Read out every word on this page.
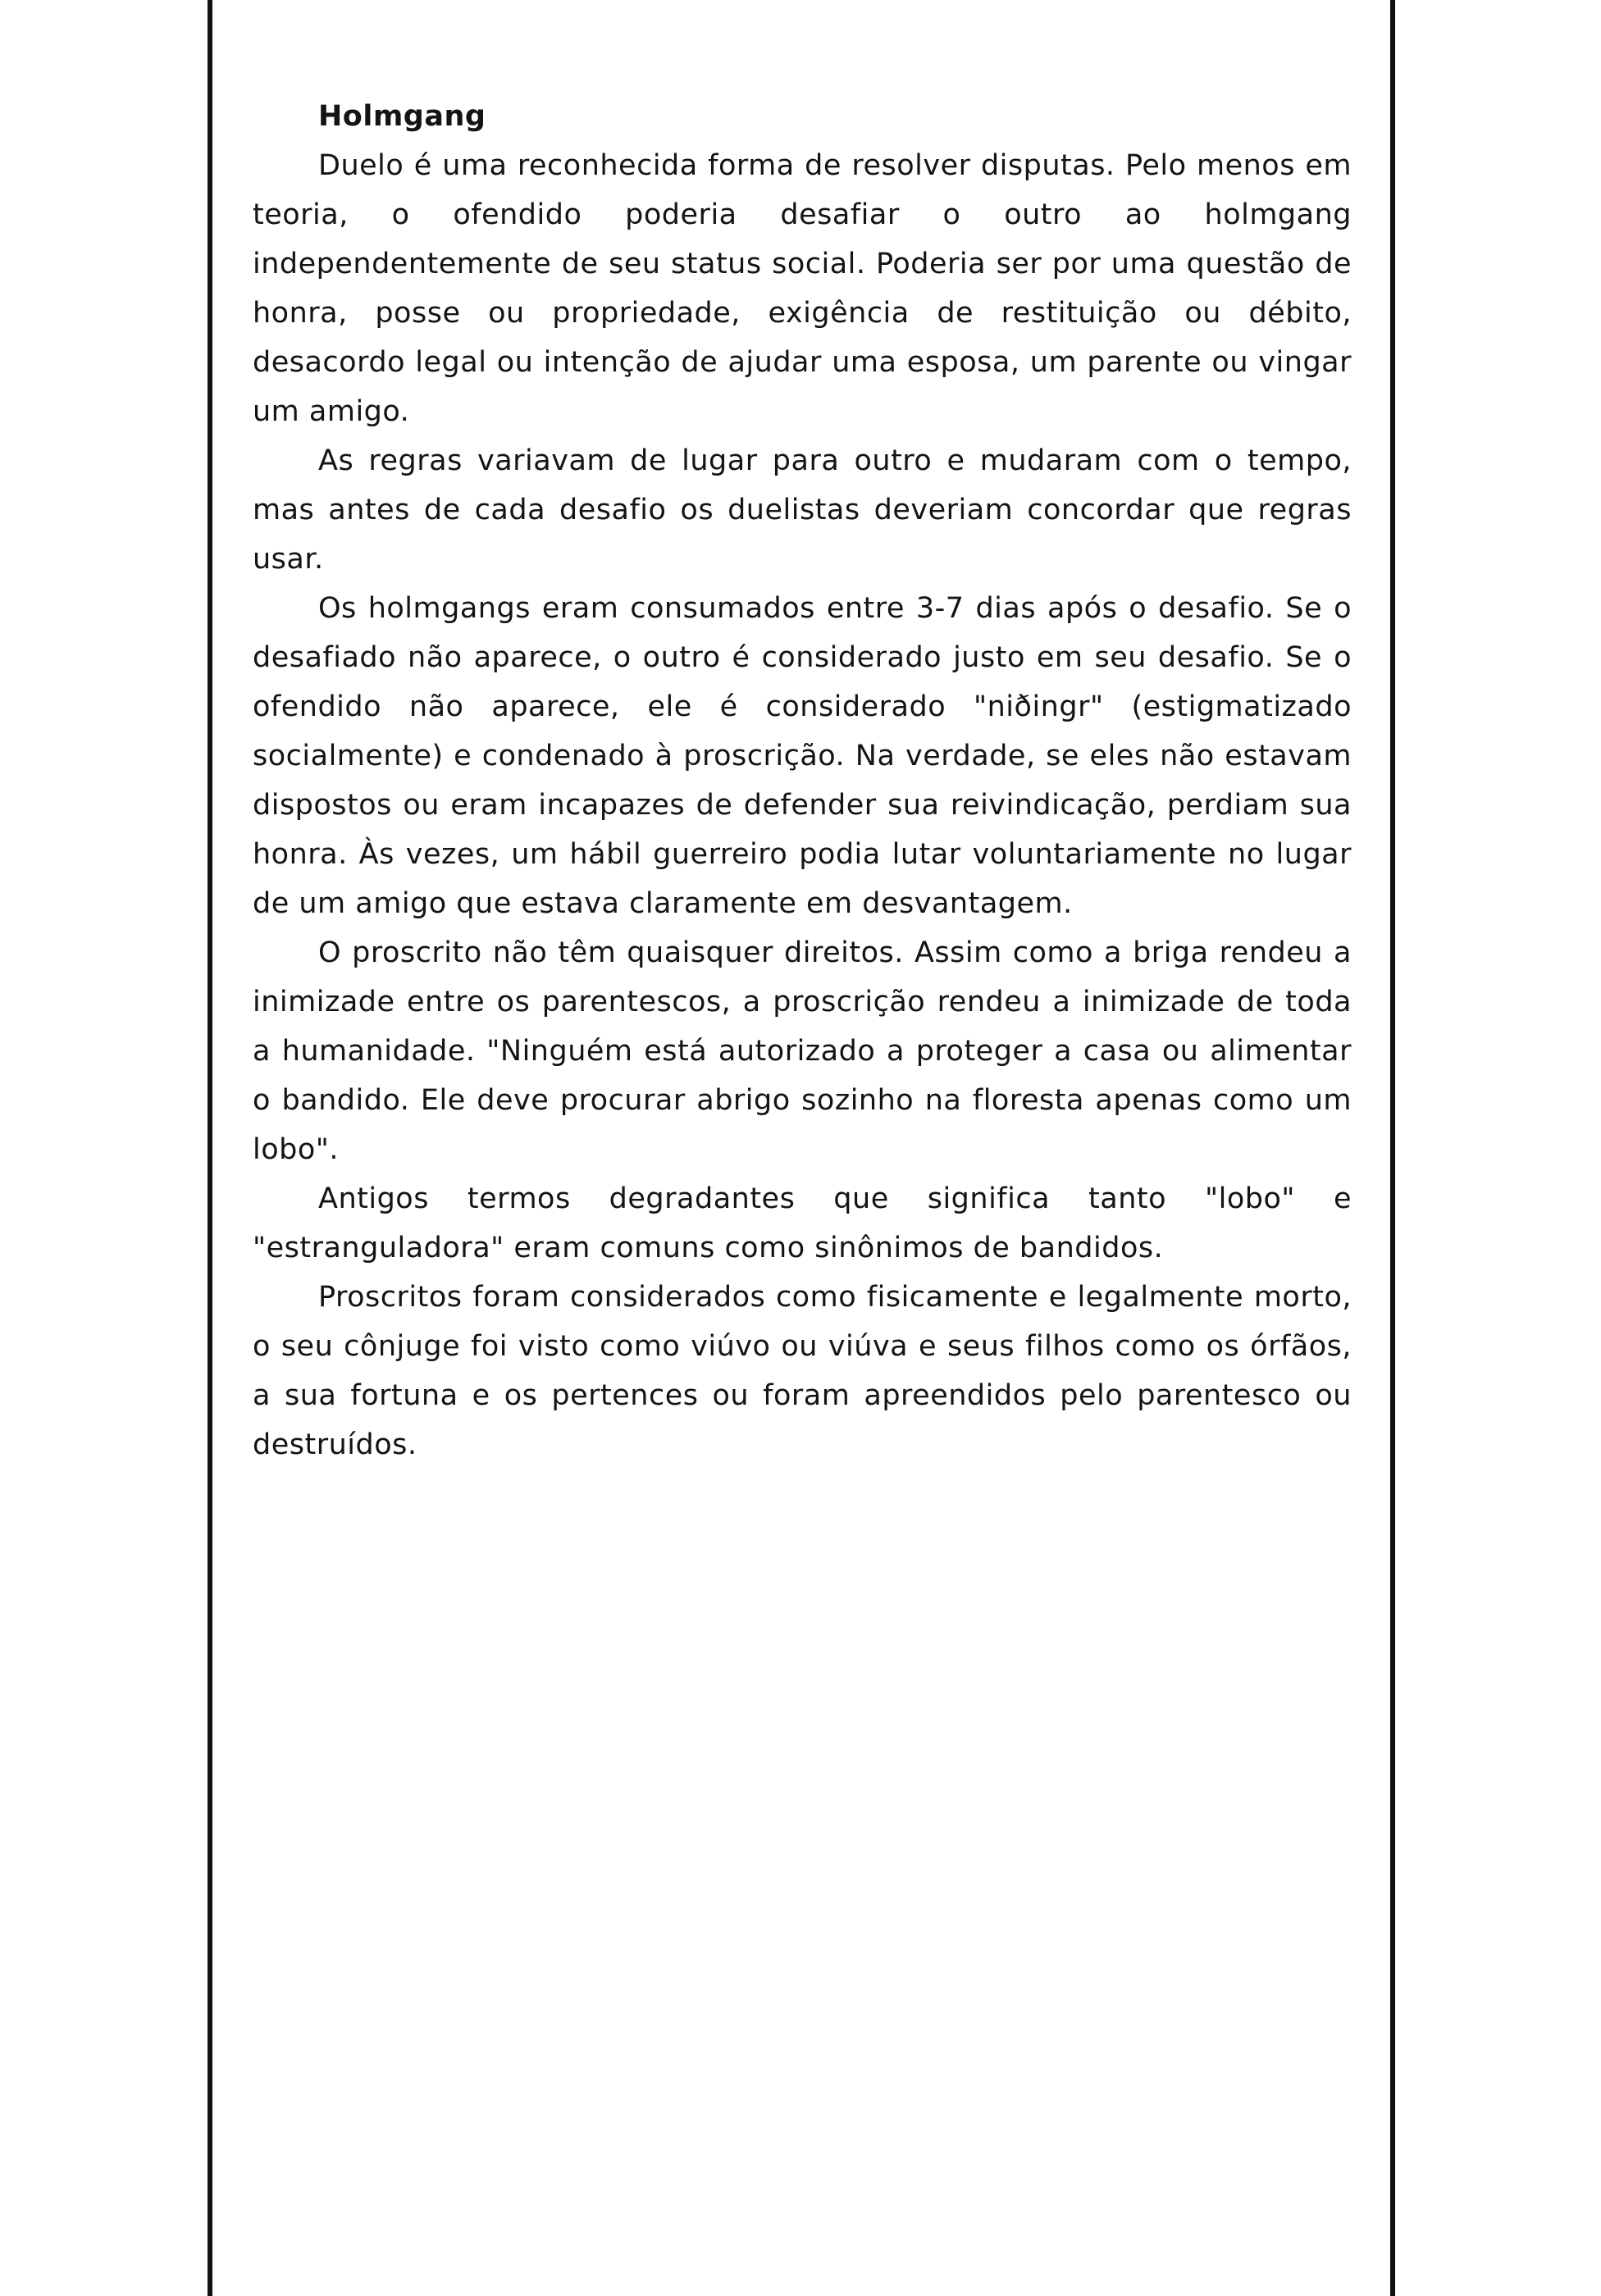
Holmgang

Duelo é uma reconhecida forma de resolver disputas. Pelo menos em teoria, o ofendido poderia desafiar o outro ao holmgang independentemente de seu status social. Poderia ser por uma questão de honra, posse ou propriedade, exigência de restituição ou débito, desacordo legal ou intenção de ajudar uma esposa, um parente ou vingar um amigo.

As regras variavam de lugar para outro e mudaram com o tempo, mas antes de cada desafio os duelistas deveriam concordar que regras usar.

Os holmgangs eram consumados entre 3-7 dias após o desafio. Se o desafiado não aparece, o outro é considerado justo em seu desafio. Se o ofendido não aparece, ele é considerado "niðingr" (estigmatizado socialmente) e condenado à proscrição. Na verdade, se eles não estavam dispostos ou eram incapazes de defender sua reivindicação, perdiam sua honra. Às vezes, um hábil guerreiro podia lutar voluntariamente no lugar de um amigo que estava claramente em desvantagem.

O proscrito não têm quaisquer direitos. Assim como a briga rendeu a inimizade entre os parentescos, a proscrição rendeu a inimizade de toda a humanidade. "Ninguém está autorizado a proteger a casa ou alimentar o bandido. Ele deve procurar abrigo sozinho na floresta apenas como um lobo".

Antigos termos degradantes que significa tanto "lobo" e "estranguladora" eram comuns como sinônimos de bandidos.

Proscritos foram considerados como fisicamente e legalmente morto, o seu cônjuge foi visto como viúvo ou viúva e seus filhos como os órfãos, a sua fortuna e os pertences ou foram apreendidos pelo parentesco ou destruídos.
